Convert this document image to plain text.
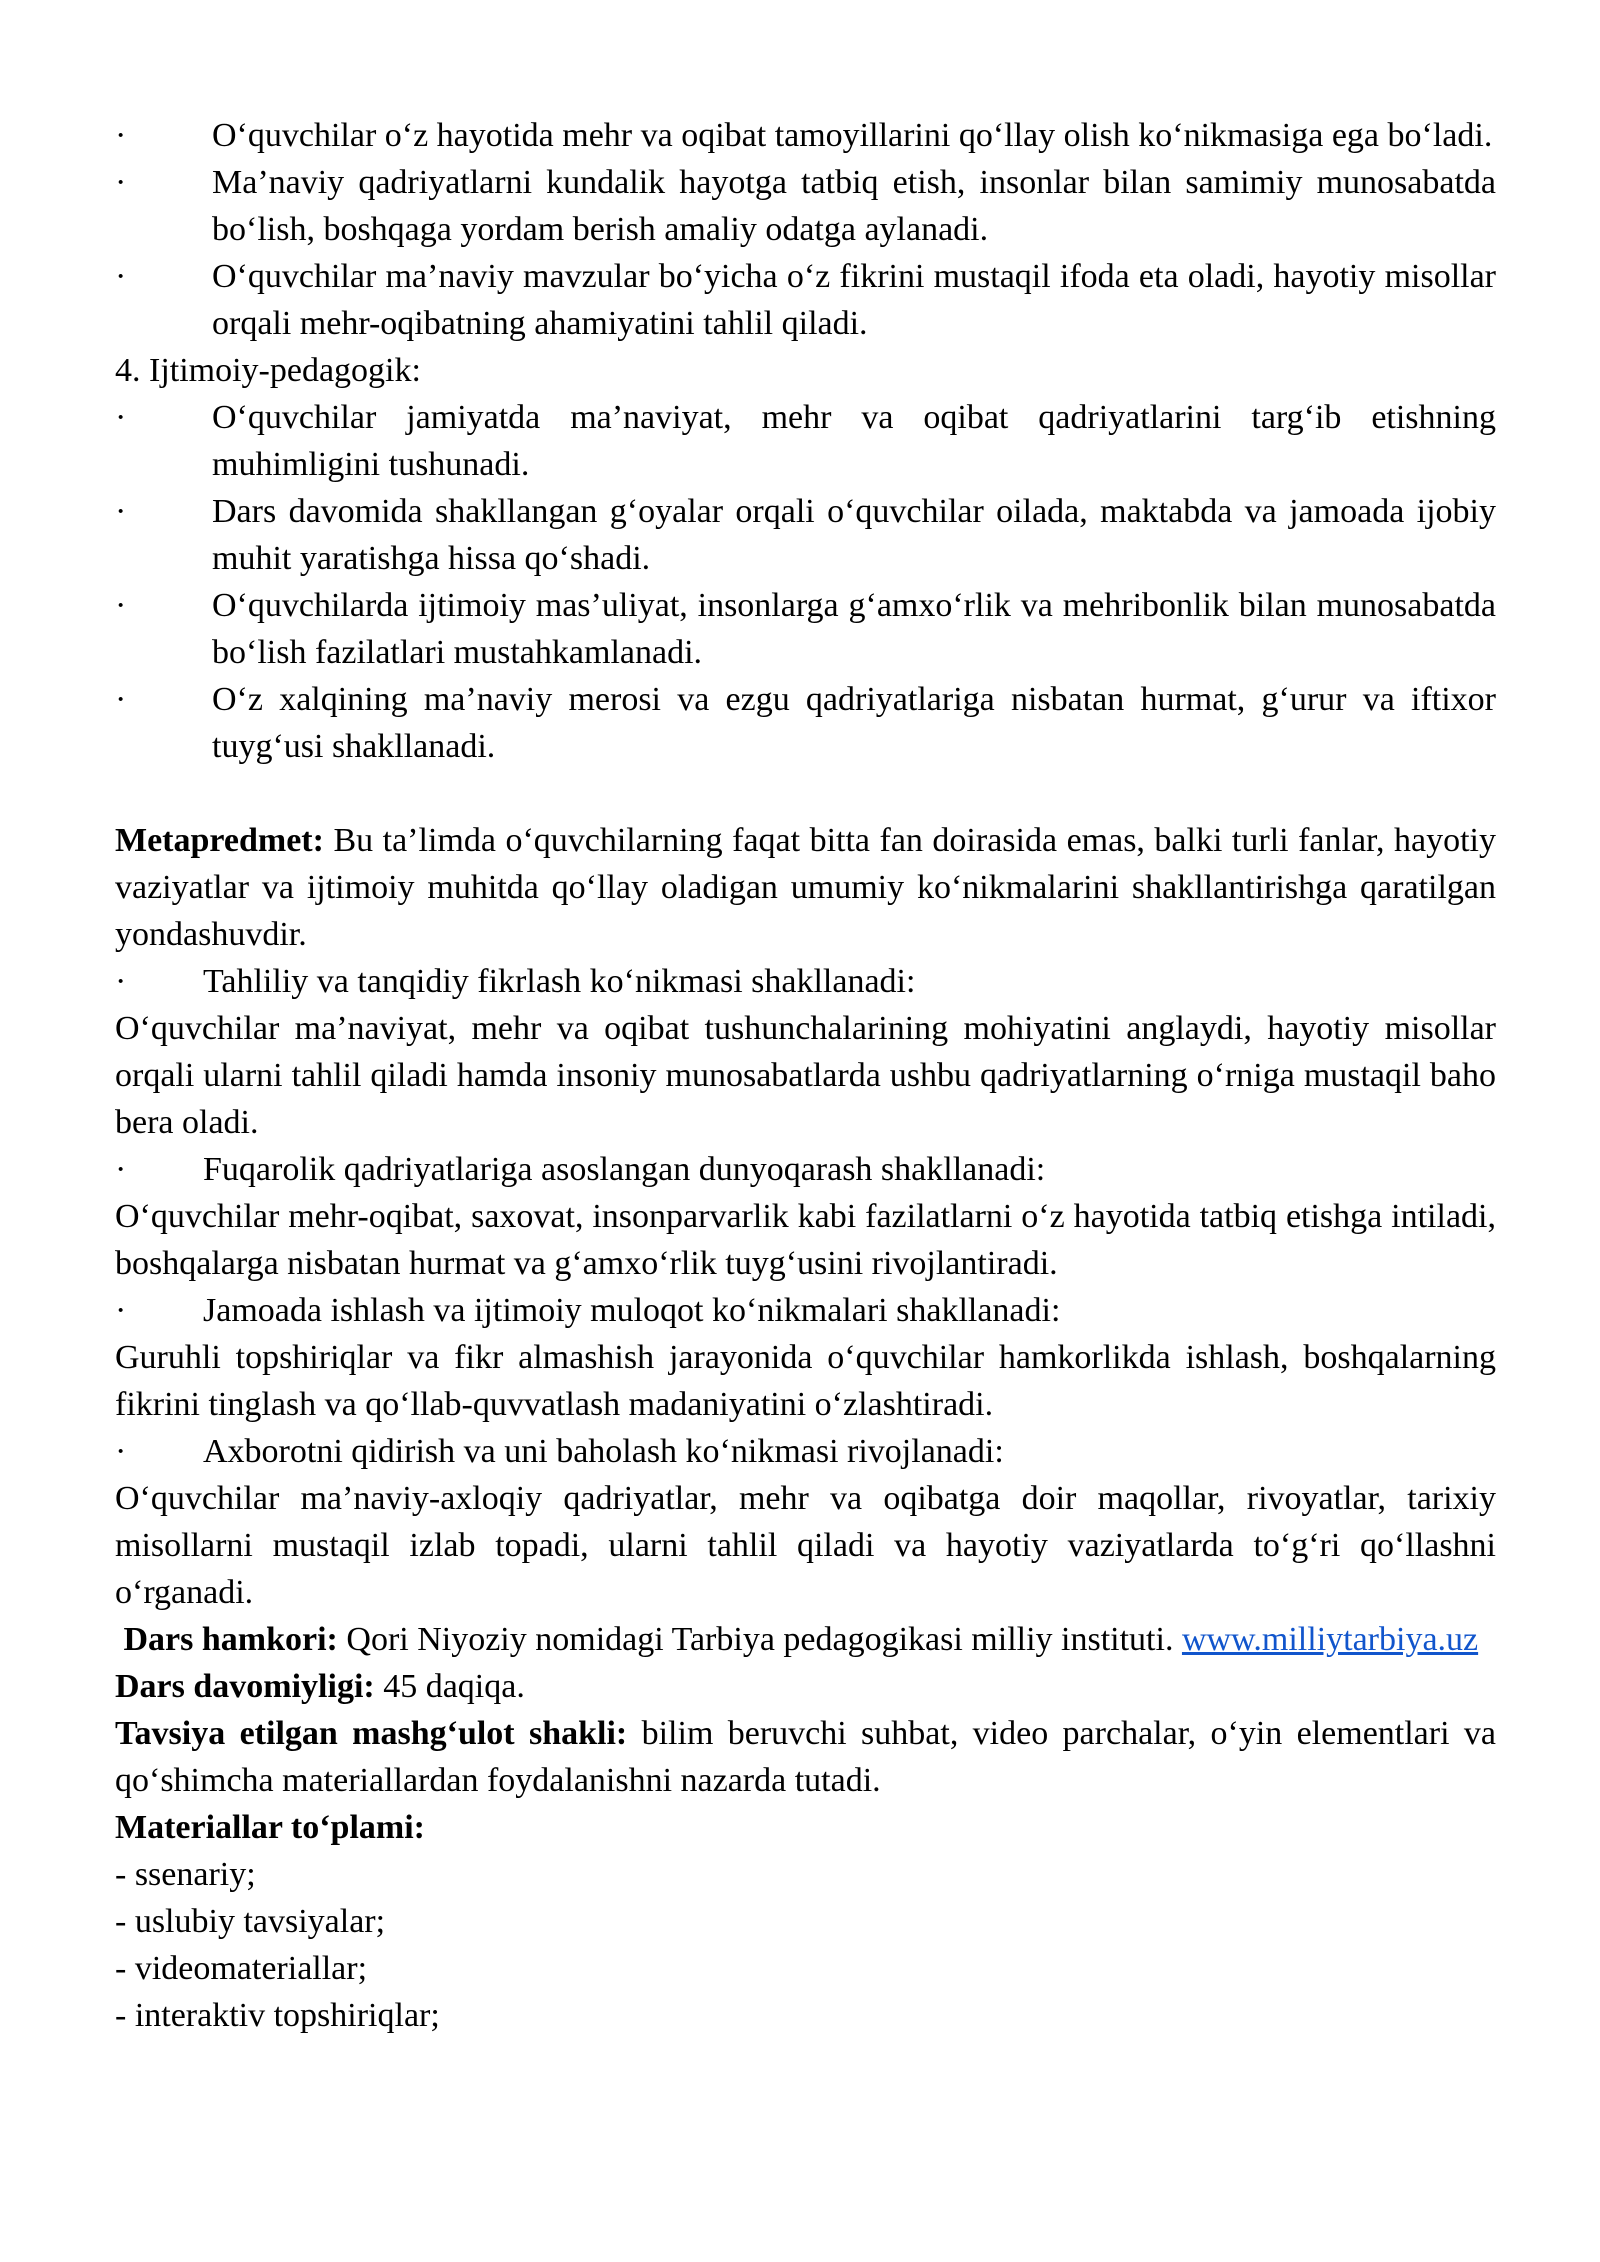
·	O‘quvchilar o‘z hayotida mehr va oqibat tamoyillarini qo‘llay olish ko‘nikmasiga ega bo‘ladi.
·	Ma’naviy qadriyatlarni kundalik hayotga tatbiq etish, insonlar bilan samimiy munosabatda bo‘lish, boshqaga yordam berish amaliy odatga aylanadi.
·	O‘quvchilar ma’naviy mavzular bo‘yicha o‘z fikrini mustaqil ifoda eta oladi, hayotiy misollar orqali mehr-oqibatning ahamiyatini tahlil qiladi.

4. Ijtimoiy-pedagogik:

·	O‘quvchilar jamiyatda ma’naviyat, mehr va oqibat qadriyatlarini targ‘ib etishning muhimligini tushunadi.
·	Dars davomida shakllangan g‘oyalar orqali o‘quvchilar oilada, maktabda va jamoada ijobiy muhit yaratishga hissa qo‘shadi.
·	O‘quvchilarda ijtimoiy mas’uliyat, insonlarga g‘amxo‘rlik va mehribonlik bilan munosabatda bo‘lish fazilatlari mustahkamlanadi.
·	O‘z xalqining ma’naviy merosi va ezgu qadriyatlariga nisbatan hurmat, g‘urur va iftixor tuyg‘usi shakllanadi.

Metapredmet: Bu ta’limda o‘quvchilarning faqat bitta fan doirasida emas, balki turli fanlar, hayotiy vaziyatlar va ijtimoiy muhitda qo‘llay oladigan umumiy ko‘nikmalarini shakllantirishga qaratilgan yondashuvdir.

·	Tahliliy va tanqidiy fikrlash ko‘nikmasi shakllanadi:

O‘quvchilar ma’naviyat, mehr va oqibat tushunchalarining mohiyatini anglaydi, hayotiy misollar orqali ularni tahlil qiladi hamda insoniy munosabatlarda ushbu qadriyatlarning o‘rniga mustaqil baho bera oladi.

·	Fuqarolik qadriyatlariga asoslangan dunyoqarash shakllanadi:

O‘quvchilar mehr-oqibat, saxovat, insonparvarlik kabi fazilatlarni o‘z hayotida tatbiq etishga intiladi, boshqalarga nisbatan hurmat va g‘amxo‘rlik tuyg‘usini rivojlantiradi.

·	Jamoada ishlash va ijtimoiy muloqot ko‘nikmalari shakllanadi:

Guruhli topshiriqlar va fikr almashish jarayonida o‘quvchilar hamkorlikda ishlash, boshqalarning fikrini tinglash va qo‘llab-quvvatlash madaniyatini o‘zlashtiradi.

·	Axborotni qidirish va uni baholash ko‘nikmasi rivojlanadi:

O‘quvchilar ma’naviy-axloqiy qadriyatlar, mehr va oqibatga doir maqollar, rivoyatlar, tarixiy misollarni mustaqil izlab topadi, ularni tahlil qiladi va hayotiy vaziyatlarda to‘g‘ri qo‘llashni o‘rganadi.

Dars hamkori: Qori Niyoziy nomidagi Tarbiya pedagogikasi milliy instituti. www.milliytarbiya.uz

Dars davomiyligi: 45 daqiqa.

Tavsiya etilgan mashg‘ulot shakli: bilim beruvchi suhbat, video parchalar, o‘yin elementlari va qo‘shimcha materiallardan foydalanishni nazarda tutadi.

Materiallar to‘plami:

- ssenariy;

- uslubiy tavsiyalar;

- videomateriallar;

- interaktiv topshiriqlar;
